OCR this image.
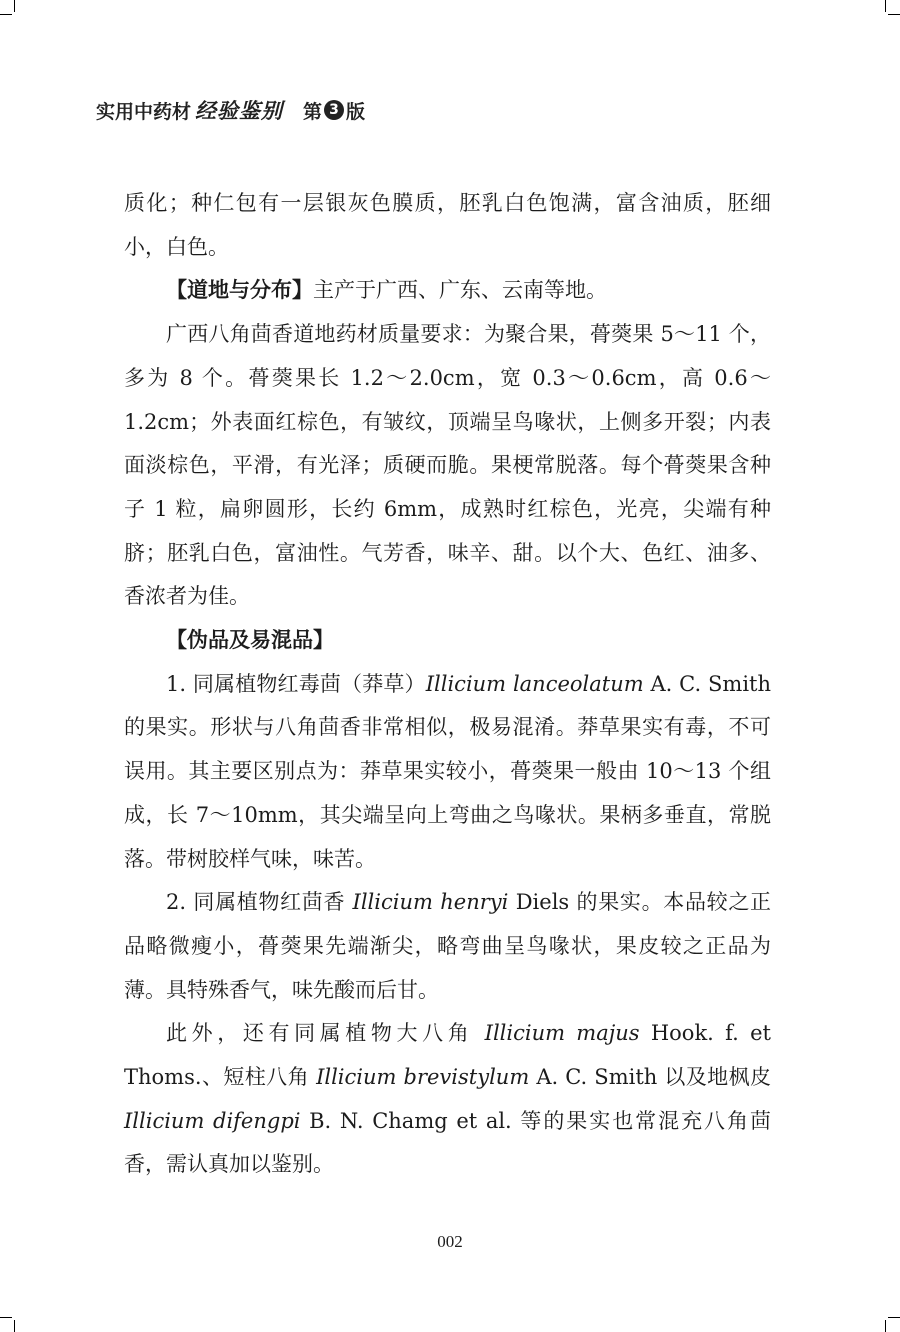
实用中药材 经验鉴别 第 3 版

质化；种仁包有一层银灰色膜质，胚乳白色饱满，富含油质，胚细小，白色。

【道地与分布】主产于广西、广东、云南等地。

广西八角茴香道地药材质量要求：为聚合果，蓇葖果 5～11 个，多为 8 个。蓇葖果长 1.2～2.0cm，宽 0.3～0.6cm，高 0.6～1.2cm；外表面红棕色，有皱纹，顶端呈鸟喙状，上侧多开裂；内表面淡棕色，平滑，有光泽；质硬而脆。果梗常脱落。每个蓇葖果含种子 1 粒，扁卵圆形，长约 6mm，成熟时红棕色，光亮，尖端有种脐；胚乳白色，富油性。气芳香，味辛、甜。以个大、色红、油多、香浓者为佳。

【伪品及易混品】

1. 同属植物红毒茴（莽草）Illicium lanceolatum A. C. Smith 的果实。形状与八角茴香非常相似，极易混淆。莽草果实有毒，不可误用。其主要区别点为：莽草果实较小，蓇葖果一般由 10～13 个组成，长 7～10mm，其尖端呈向上弯曲之鸟喙状。果柄多垂直，常脱落。带树胶样气味，味苦。

2. 同属植物红茴香 Illicium henryi Diels 的果实。本品较之正品略微瘦小，蓇葖果先端渐尖，略弯曲呈鸟喙状，果皮较之正品为薄。具特殊香气，味先酸而后甘。

此外，还有同属植物大八角 Illicium majus Hook. f. et Thoms.、短柱八角 Illicium brevistylum A. C. Smith 以及地枫皮 Illicium difengpi B. N. Chamg et al. 等的果实也常混充八角茴香，需认真加以鉴别。

002
